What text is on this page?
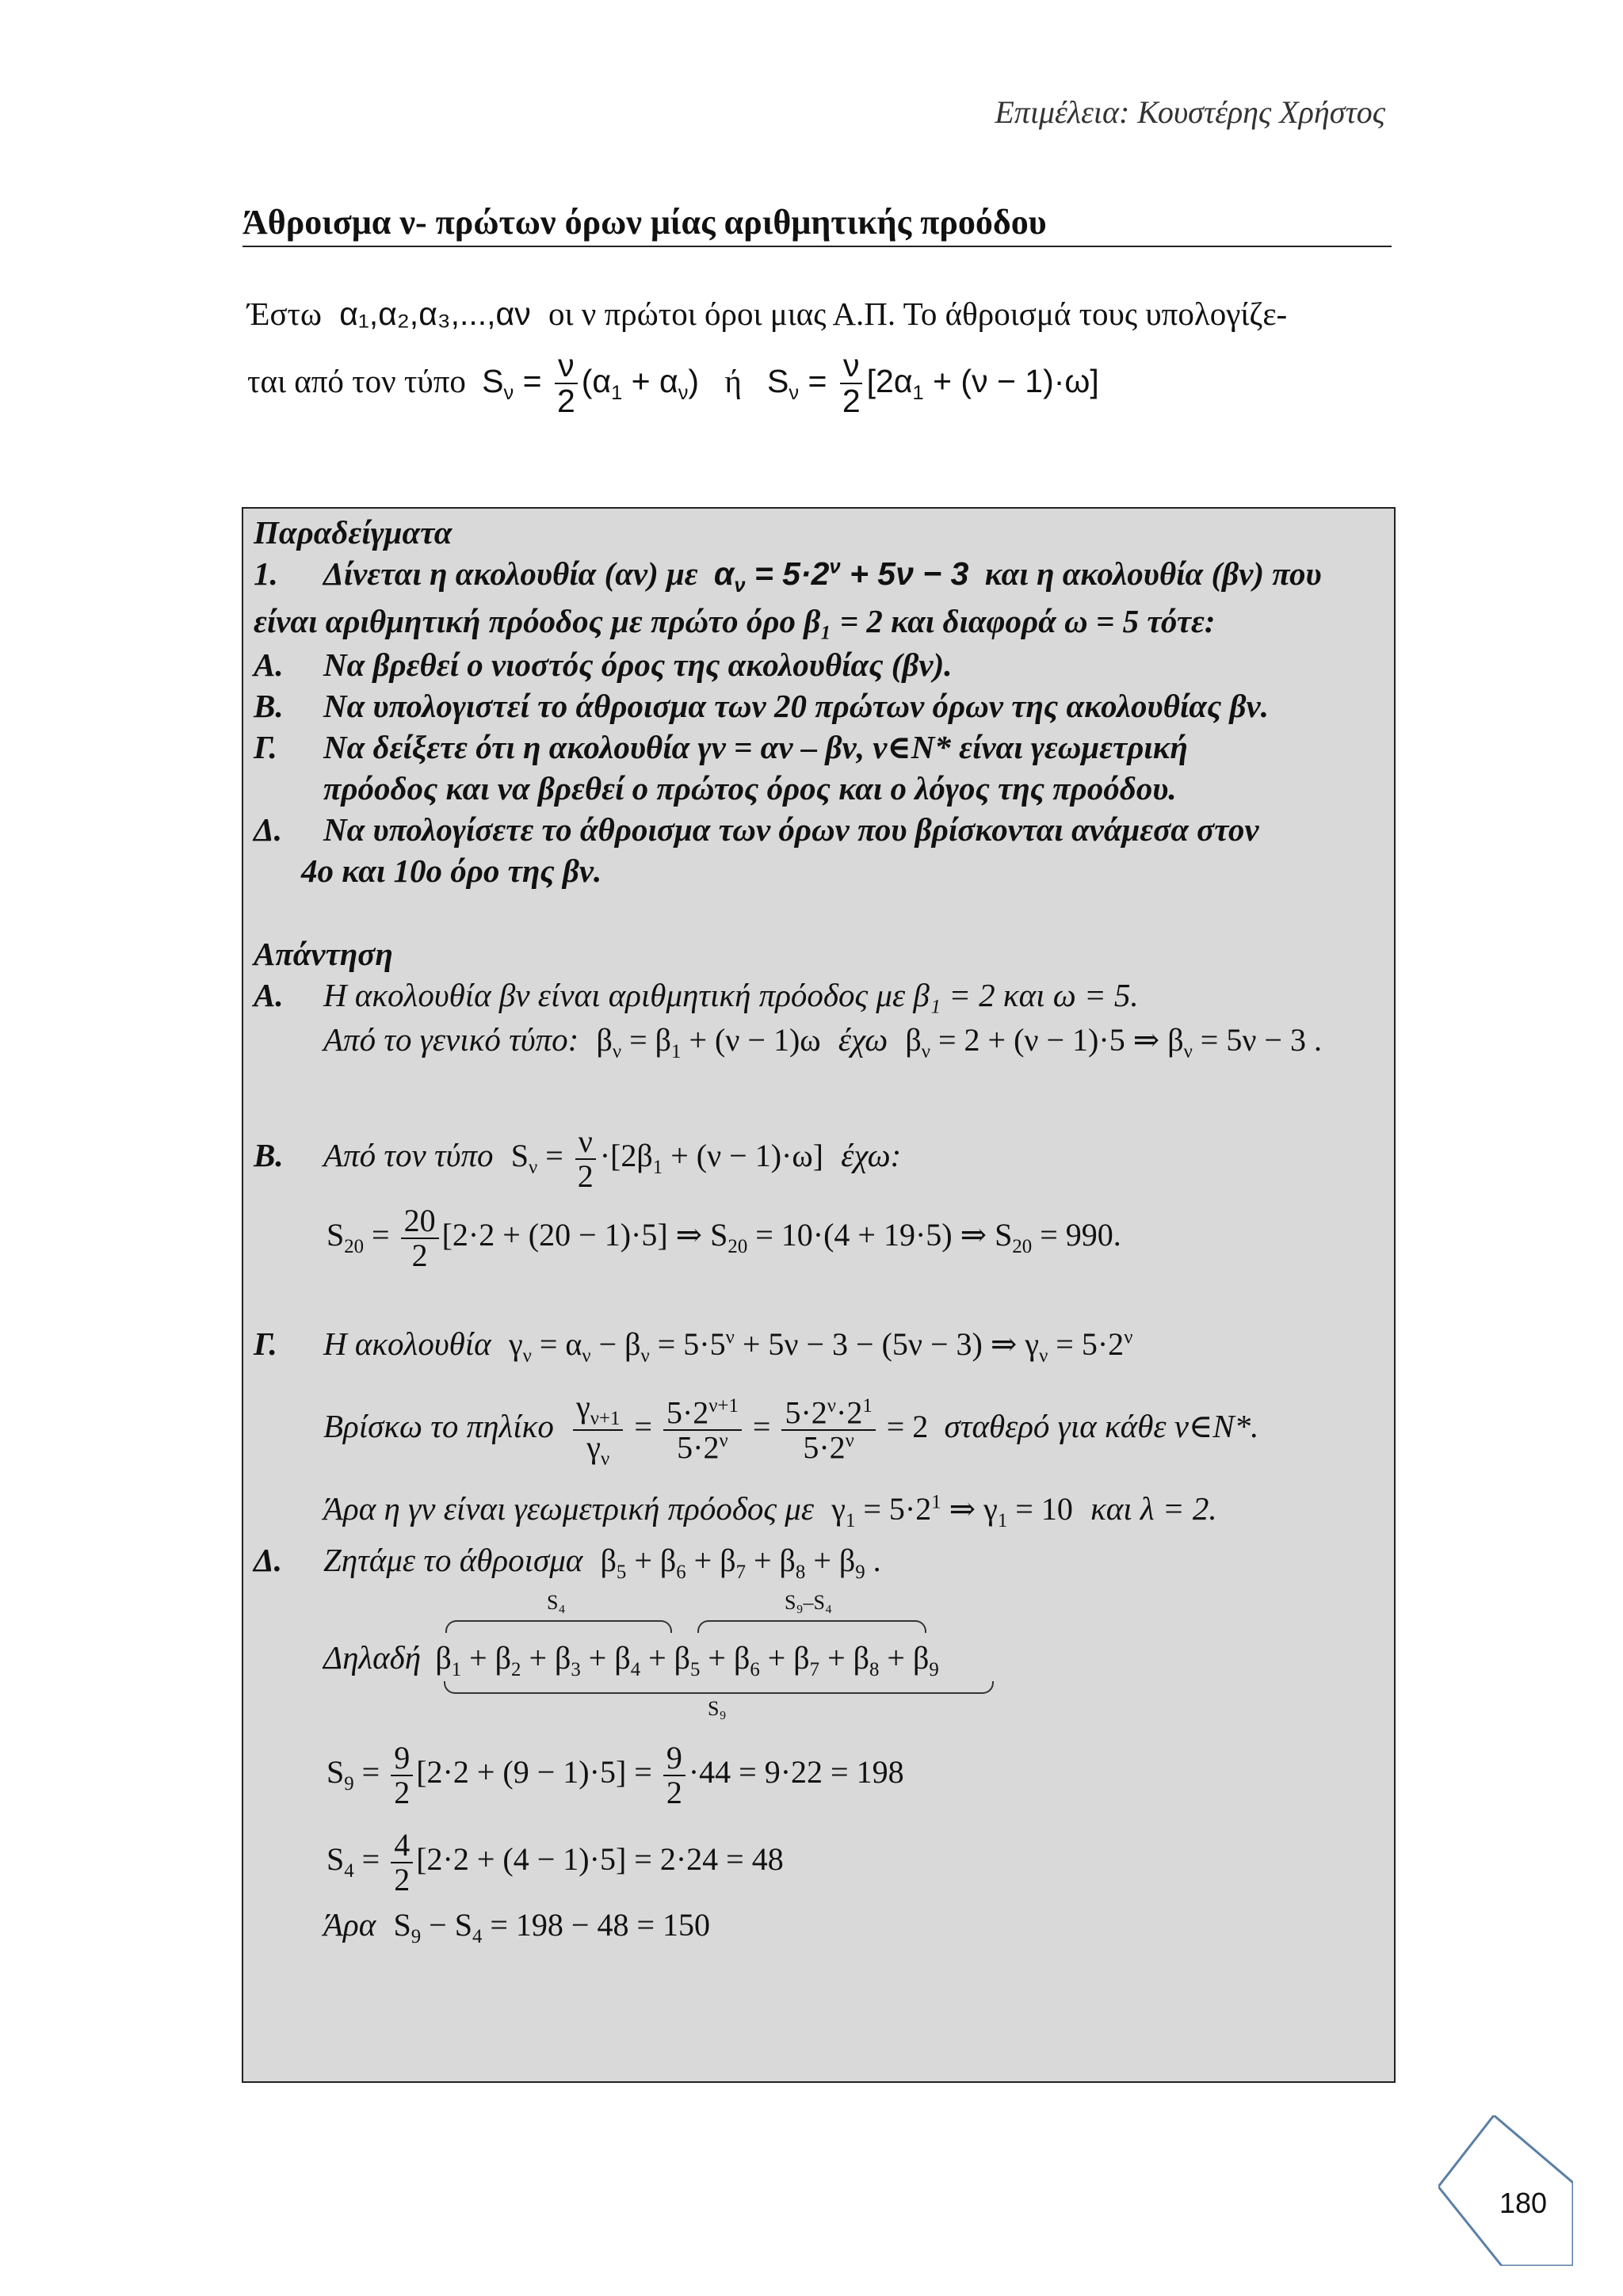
Επιμέλεια: Κουστέρης Χρήστος
Άθροισμα ν- πρώτων όρων μίας αριθμητικής προόδου
Έστω α₁,α₂,α₃,...,αν οι ν πρώτοι όροι μιας Α.Π. Το άθροισμά τους υπολογίζε-
ται από τον τύπο $S_\nu = \frac{\nu}{2} (\alpha_1 + \alpha_\nu)$ ή $S_\nu = \frac{\nu}{2} [2\alpha_1 + (\nu - 1)\cdot\omega]$
Παραδείγματα
1. Δίνεται η ακολουθία (αν) με $\alpha_\nu = 5\cdot 2^\nu + 5\nu - 3$ και η ακολουθία (βν) που
είναι αριθμητική πρόοδος με πρώτο όρο β₁ = 2 και διαφορά ω = 5 τότε:
Α. Να βρεθεί ο νιοστός όρος της ακολουθίας (βν).
Β. Να υπολογιστεί το άθροισμα των 20 πρώτων όρων της ακολουθίας βν.
Γ. Να δείξετε ότι η ακολουθία γν = αν – βν, ν∈N* είναι γεωμετρική
πρόοδος και να βρεθεί ο πρώτος όρος και ο λόγος της προόδου.
Δ. Να υπολογίσετε το άθροισμα των όρων που βρίσκονται ανάμεσα στον
4ο και 10ο όρο της βν.
Απάντηση
Α. Η ακολουθία βν είναι αριθμητική πρόοδος με β₁ = 2 και ω = 5.
Από το γενικό τύπο: $\beta_\nu = \beta_1 + (\nu - 1)\omega$ έχω $\beta_\nu = 2 + (\nu - 1)\cdot 5$ ⇒ $\beta_\nu = 5\nu - 3$ .
Β. Από τον τύπο $S_\nu = \frac{\nu}{2} \cdot[2\beta_1 + (\nu - 1)\cdot\omega]$ έχω:
$S_{20} = \frac{20}{2} [2\cdot 2 + (20 - 1)\cdot 5]$ ⇒ $S_{20} = 10\cdot(4 + 19\cdot 5)$ ⇒ $S_{20} = 990$.
Γ. Η ακολουθία $\gamma_\nu = \alpha_\nu - \beta_\nu = 5\cdot 5^\nu + 5\nu - 3 - (5\nu - 3)$ ⇒ $\gamma_\nu = 5\cdot 2^\nu$
Βρίσκω το πηλίκο $\frac{\gamma_{\nu+1}}{\gamma_\nu} = \frac{5\cdot 2^{\nu+1}}{5\cdot 2^\nu} = \frac{5\cdot 2^\nu\cdot 2^1}{5\cdot 2^\nu} = 2$ σταθερό για κάθε ν∈N*.
Άρα η γν είναι γεωμετρική πρόοδος με $\gamma_1 = 5\cdot 2^1$ ⇒ $\gamma_1 = 10$ και λ = 2.
Δ. Ζητάμε το άθροισμα $\beta_5 + \beta_6 + \beta_7 + \beta_8 + \beta_9$ .
S₄	S₉–S₄
Δηλαδή $\beta_1 + \beta_2 + \beta_3 + \beta_4 + \beta_5 + \beta_6 + \beta_7 + \beta_8 + \beta_9$
S₉
$S_9 = \frac{9}{2} [2\cdot 2 + (9 - 1)\cdot 5] = \frac{9}{2} \cdot 44 = 9\cdot 22 = 198$
$S_4 = \frac{4}{2} [2\cdot 2 + (4 - 1)\cdot 5] = 2\cdot 24 = 48$
Άρα $S_9 - S_4 = 198 - 48 = 150$
180
